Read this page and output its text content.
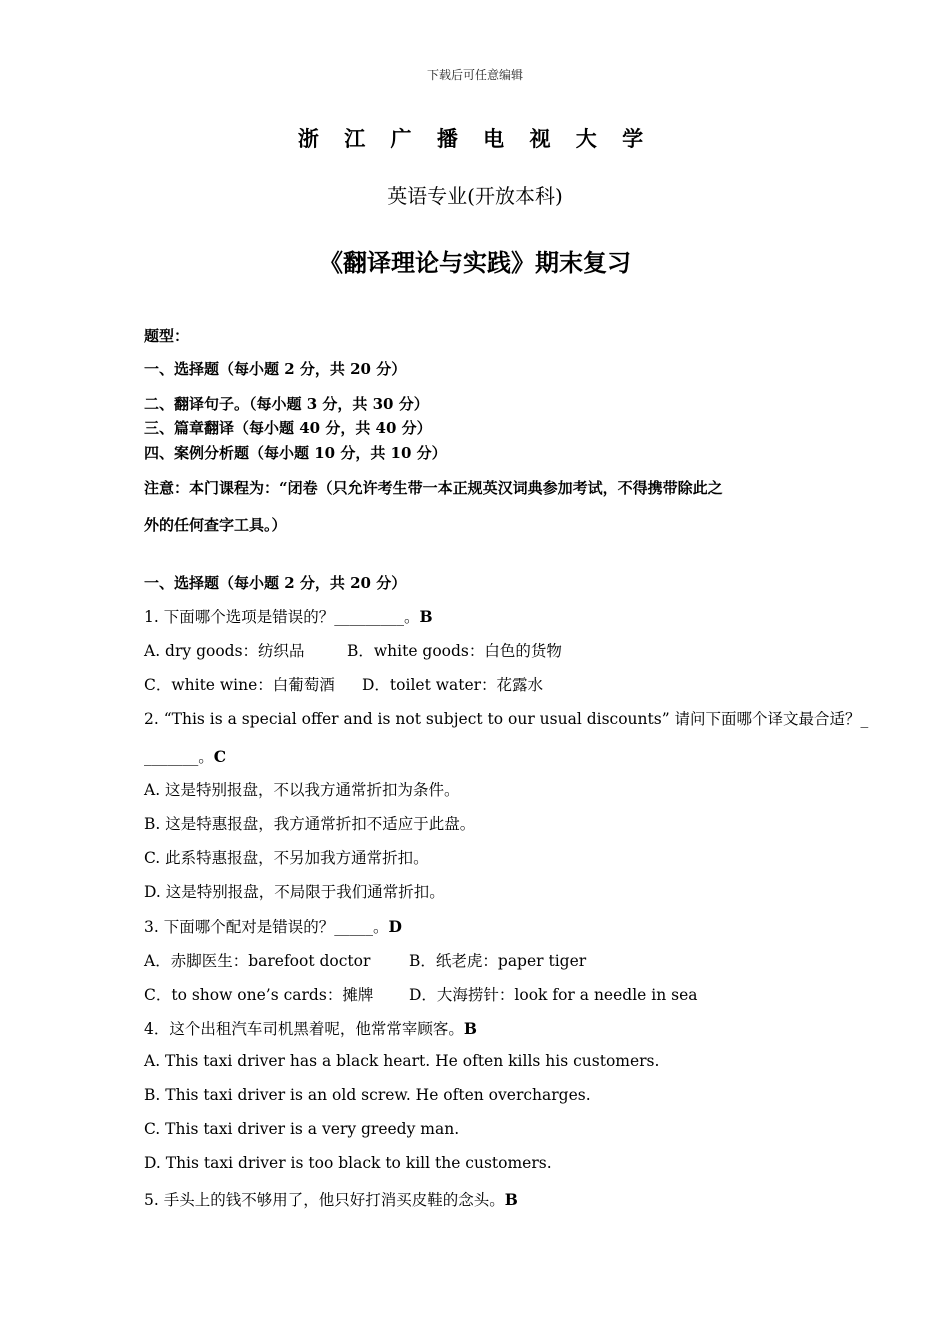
下载后可任意编辑
浙 江 广 播 电 视 大 学
英语专业(开放本科)
《翻译理论与实践》期末复习
题型：
一、选择题（每小题 2 分，共 20 分）
二、翻译句子。（每小题 3 分，共 30 分）
三、篇章翻译（每小题 40 分，共 40 分）
四、案例分析题（每小题 10 分，共 10 分）
注意：本门课程为：“闭卷（只允许考生带一本正规英汉词典参加考试，不得携带除此之
外的任何查字工具。）
一、选择题（每小题 2 分，共 20 分）
1. 下面哪个选项是错误的？_________。B
A. dry goods：纺织品	B．white goods：白色的货物
C．white wine：白葡萄酒 D．toilet water：花露水
2. “This is a special offer and is not subject to our usual discounts” 请问下面哪个译文最合适？_
_______。C
A. 这是特别报盘，不以我方通常折扣为条件。
B. 这是特惠报盘，我方通常折扣不适应于此盘。
C. 此系特惠报盘，不另加我方通常折扣。
D. 这是特别报盘，不局限于我们通常折扣。
3. 下面哪个配对是错误的？_____。D
A．赤脚医生：barefoot doctor B．纸老虎：paper tiger
C．to show one’s cards：摊牌 D．大海捞针：look for a needle in sea
4．这个出租汽车司机黑着呢，他常常宰顾客。B
A. This taxi driver has a black heart. He often kills his customers.
B. This taxi driver is an old screw. He often overcharges.
C. This taxi driver is a very greedy man.
D. This taxi driver is too black to kill the customers.
5. 手头上的钱不够用了，他只好打消买皮鞋的念头。B
